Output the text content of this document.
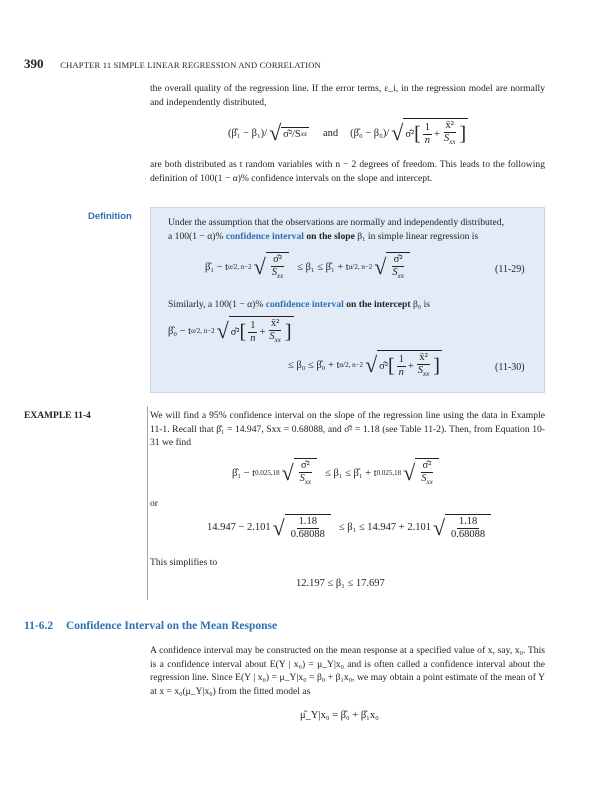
390 CHAPTER 11 SIMPLE LINEAR REGRESSION AND CORRELATION
the overall quality of the regression line. If the error terms, ε_i, in the regression model are normally and independently distributed,
(β̂₁ − β₁)/ √ σ̂²/S xx and (β̂₀ − β₀)/ √ σ̂² [ $\frac{1}{n} + \frac{\text{x̄²}}{S_{xx}}$ ]
are both distributed as t random variables with n − 2 degrees of freedom. This leads to the following definition of 100(1 − α)% confidence intervals on the slope and intercept.
Definition
Under the assumption that the observations are normally and independently distributed,
a 100(1 − α)% confidence interval on the slope β₁ in simple linear regression is
β̂₁ − t α/2, n−2 √ $\frac{\text{σ̂²}}{S_{xx}} \le \beta_1$ ≤ β̂₁ + t α/2, n−2 √ $\frac{\text{σ̂²}}{S_{xx}}$	(11-29)
Similarly, a 100(1 − α)% confidence interval on the intercept β₀ is
β̂₀ − t α/2, n−2 √ σ̂² [ $\frac{1}{n} + \frac{\text{x̄²}}{S_{xx}}$ ]
≤ β₀ ≤ β̂₀ + t α/2, n−2 √ σ̂² [ $\frac{1}{n} + \frac{\text{x̄²}}{S_{xx}}$ ]	(11-30)
EXAMPLE 11-4	We will find a 95% confidence interval on the slope of the regression line using the data in Example 11-1. Recall that β̂₁ = 14.947, Sxx = 0.68088, and σ̂² = 1.18 (see Table 11-2). Then, from Equation 10-31 we find
β̂₁ − t 0.025,18 √ $\frac{\text{σ̂²}}{S_{xx}} \le \beta_1$ ≤ β̂₁ + t 0.025,18 √ $\frac{\text{σ̂²}}{S_{xx}}$
or
14.947 − 2.101 √ $\frac{1.18}{0.68088} \le \beta_1 \le 14.947 + 2.101$ √ $\frac{1.18}{0.68088}$
This simplifies to
12.197 ≤ β₁ ≤ 17.697
11-6.2 Confidence Interval on the Mean Response
A confidence interval may be constructed on the mean response at a specified value of x, say, x₀. This is a confidence interval about E(Y | x₀) = μ_Y|x₀ and is often called a confidence interval about the regression line. Since E(Y | x₀) = μ_Y|x₀ = β₀ + β₁x₀, we may obtain a point estimate of the mean of Y at x = x₀(μ_Y|x₀) from the fitted model as
μ̂_Y|x₀ = β̂₀ + β̂₁x₀
